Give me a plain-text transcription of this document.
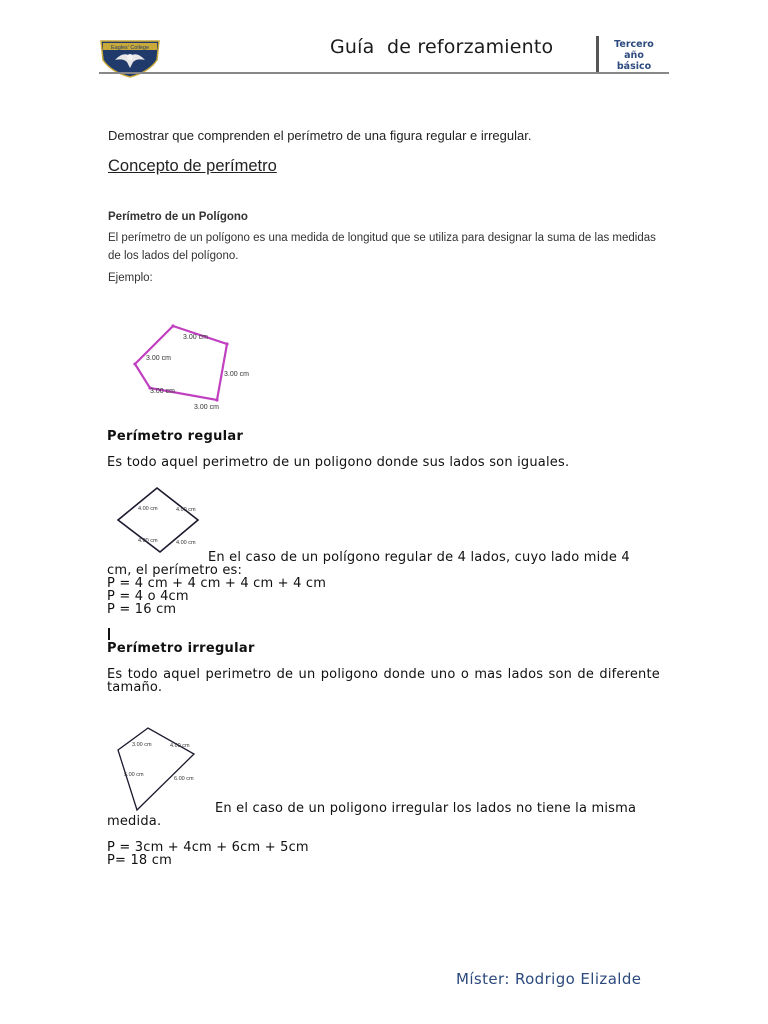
Eagles' College	Guía  de reforzamiento	Tercero
año
básico
Demostrar que comprenden el perímetro de una figura regular e irregular.
Concepto de perímetro
Perímetro de un Polígono
El perímetro de un polígono es una medida de longitud que se utiliza para designar la suma de las medidas de los lados del polígono.
Ejemplo:
3.00 cm
3.00 cm
3.00 cm
3.00 cm
3.00 cm
Perímetro regular
Es todo aquel perimetro de un poligono donde sus lados son iguales.
4.00 cm	4.00 cm
4.00 cm
4.00 cm
En el caso de un polígono regular de 4 lados, cuyo lado mide 4
cm, el perímetro es:
P = 4 cm + 4 cm + 4 cm + 4 cm
P = 4 o 4cm
P = 16 cm
Perímetro irregular
Es todo aquel perimetro de un poligono donde uno o mas lados son de diferente tamaño.
3.00 cm	4.00 cm
5.00 cm
6.00 cm
En el caso de un poligono irregular los lados no tiene la misma
medida.
P = 3cm + 4cm + 6cm + 5cm
P= 18 cm
Míster: Rodrigo Elizalde
